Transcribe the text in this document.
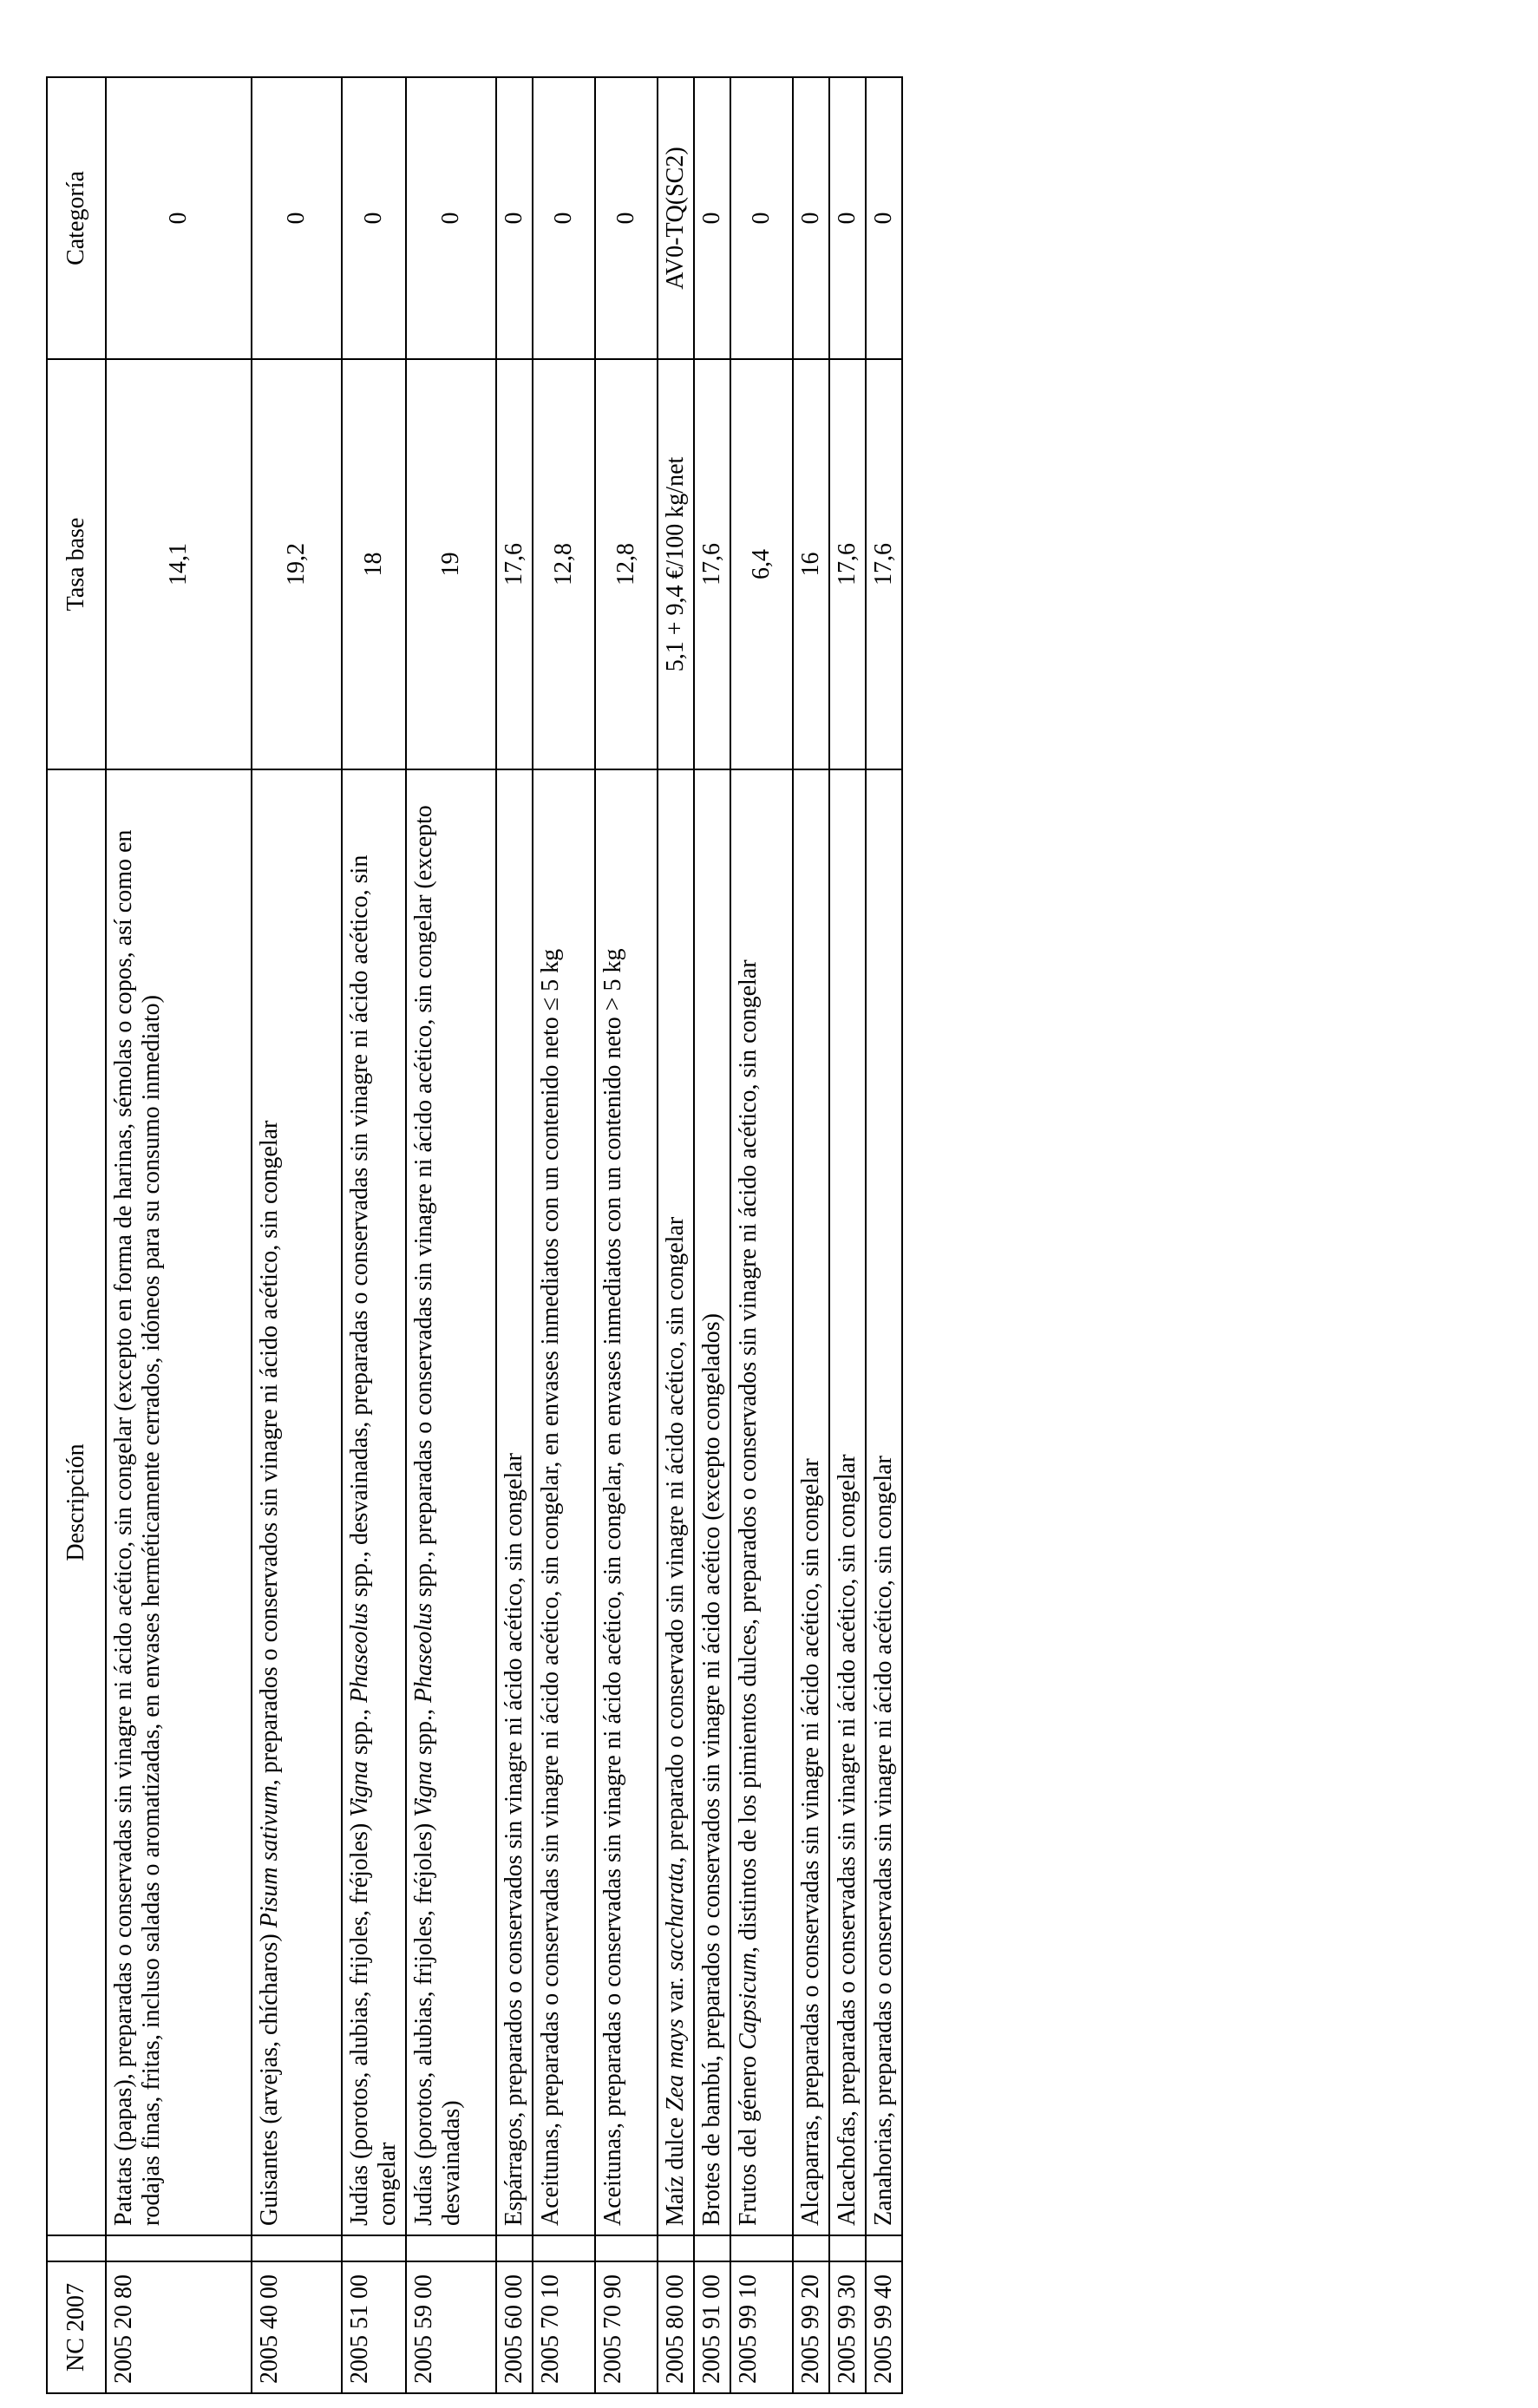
NC 2007		Descripción	Tasa base	Categoría
2005 20 80		Patatas (papas), preparadas o conservadas sin vinagre ni ácido acético, sin congelar (excepto en forma de harinas, sémolas o copos, así como en rodajas finas, fritas, incluso saladas o aromatizadas, en envases herméticamente cerrados, idóneos para su consumo inmediato)	14,1	0
2005 40 00		Guisantes (arvejas, chícharos) Pisum sativum, preparados o conservados sin vinagre ni ácido acético, sin congelar	19,2	0
2005 51 00		Judías (porotos, alubias, frijoles, fréjoles) Vigna spp., Phaseolus spp., desvainadas, preparadas o conservadas sin vinagre ni ácido acético, sin congelar	18	0
2005 59 00		Judías (porotos, alubias, frijoles, fréjoles) Vigna spp., Phaseolus spp., preparadas o conservadas sin vinagre ni ácido acético, sin congelar (excepto desvainadas)	19	0
2005 60 00		Espárragos, preparados o conservados sin vinagre ni ácido acético, sin congelar	17,6	0
2005 70 10		Aceitunas, preparadas o conservadas sin vinagre ni ácido acético, sin congelar, en envases inmediatos con un contenido neto ≤ 5 kg	12,8	0
2005 70 90		Aceitunas, preparadas o conservadas sin vinagre ni ácido acético, sin congelar, en envases inmediatos con un contenido neto > 5 kg	12,8	0
2005 80 00		Maíz dulce Zea mays var. saccharata, preparado o conservado sin vinagre ni ácido acético, sin congelar	5,1 + 9,4 €/100 kg/net	AV0-TQ(SC2)
2005 91 00		Brotes de bambú, preparados o conservados sin vinagre ni ácido acético (excepto congelados)	17,6	0
2005 99 10		Frutos del género Capsicum, distintos de los pimientos dulces, preparados o conservados sin vinagre ni ácido acético, sin congelar	6,4	0
2005 99 20		Alcaparras, preparadas o conservadas sin vinagre ni ácido acético, sin congelar	16	0
2005 99 30		Alcachofas, preparadas o conservadas sin vinagre ni ácido acético, sin congelar	17,6	0
2005 99 40		Zanahorias, preparadas o conservadas sin vinagre ni ácido acético, sin congelar	17,6	0
